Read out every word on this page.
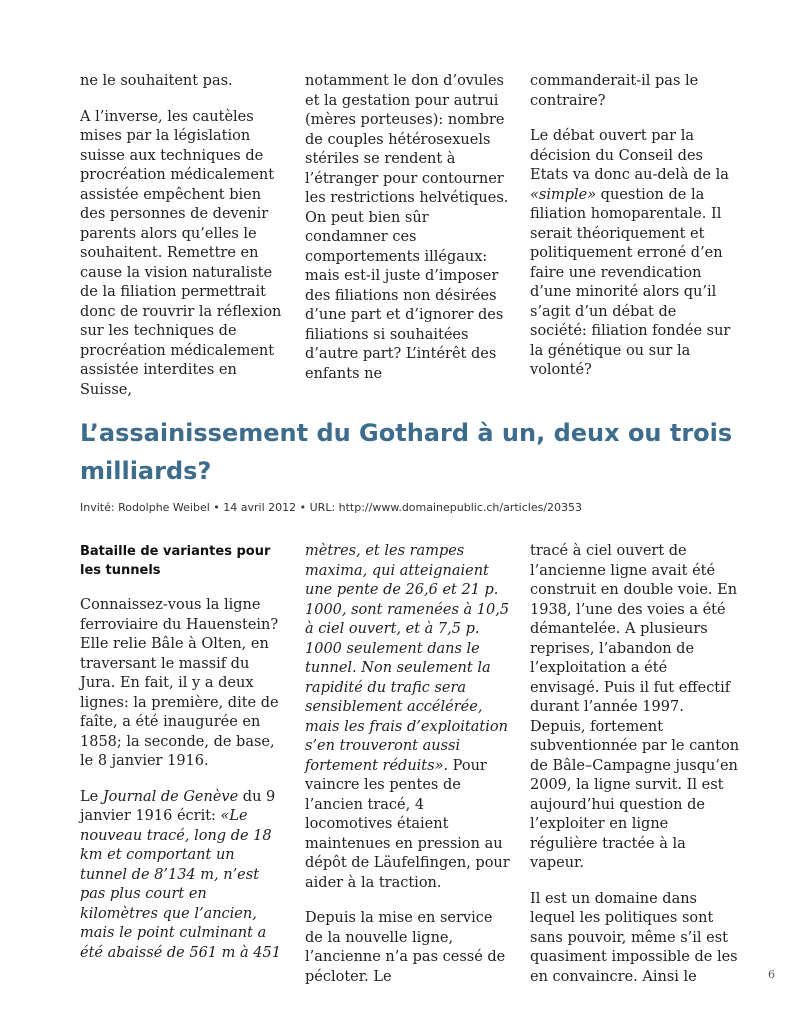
ne le souhaitent pas.

A l’inverse, les cautèles mises par la législation suisse aux techniques de procréation médicalement assistée empêchent bien des personnes de devenir parents alors qu’elles le souhaitent. Remettre en cause la vision naturaliste de la filiation permettrait donc de rouvrir la réflexion sur les techniques de procréation médicalement assistée interdites en Suisse,

notamment le don d’ovules et la gestation pour autrui (mères porteuses): nombre de couples hétérosexuels stériles se rendent à l’étranger pour contourner les restrictions helvétiques. On peut bien sûr condamner ces comportements illégaux: mais est-il juste d’imposer des filiations non désirées d’une part et d’ignorer des filiations si souhaitées d’autre part? L’intérêt des enfants ne

commanderait-il pas le contraire?

Le débat ouvert par la décision du Conseil des Etats va donc au-delà de la «simple» question de la filiation homoparentale. Il serait théoriquement et politiquement erroné d’en faire une revendication d’une minorité alors qu’il s’agit d’un débat de société: filiation fondée sur la génétique ou sur la volonté?

L’assainissement du Gothard à un, deux ou trois milliards?
Invité: Rodolphe Weibel • 14 avril 2012 • URL: http://www.domainepublic.ch/articles/20353
Bataille de variantes pour les tunnels

Connaissez-vous la ligne ferroviaire du Hauenstein? Elle relie Bâle à Olten, en traversant le massif du Jura. En fait, il y a deux lignes: la première, dite de faîte, a été inaugurée en 1858; la seconde, de base, le 8 janvier 1916.

Le Journal de Genève du 9 janvier 1916 écrit: «Le nouveau tracé, long de 18 km et comportant un tunnel de 8’134 m, n’est pas plus court en kilomètres que l’ancien, mais le point culminant a été abaissé de 561 m à 451

mètres, et les rampes maxima, qui atteignaient une pente de 26,6 et 21 p. 1000, sont ramenées à 10,5 à ciel ouvert, et à 7,5 p. 1000 seulement dans le tunnel. Non seulement la rapidité du trafic sera sensiblement accélérée, mais les frais d’exploitation s’en trouveront aussi fortement réduits». Pour vaincre les pentes de l’ancien tracé, 4 locomotives étaient maintenues en pression au dépôt de Läufelfingen, pour aider à la traction.

Depuis la mise en service de la nouvelle ligne, l’ancienne n’a pas cessé de pécloter. Le

tracé à ciel ouvert de l’ancienne ligne avait été construit en double voie. En 1938, l’une des voies a été démantelée. A plusieurs reprises, l’abandon de l’exploitation a été envisagé. Puis il fut effectif durant l’année 1997. Depuis, fortement subventionnée par le canton de Bâle–Campagne jusqu’en 2009, la ligne survit. Il est aujourd’hui question de l’exploiter en ligne régulière tractée à la vapeur.

Il est un domaine dans lequel les politiques sont sans pouvoir, même s’il est quasiment impossible de les en convaincre. Ainsi le	6
